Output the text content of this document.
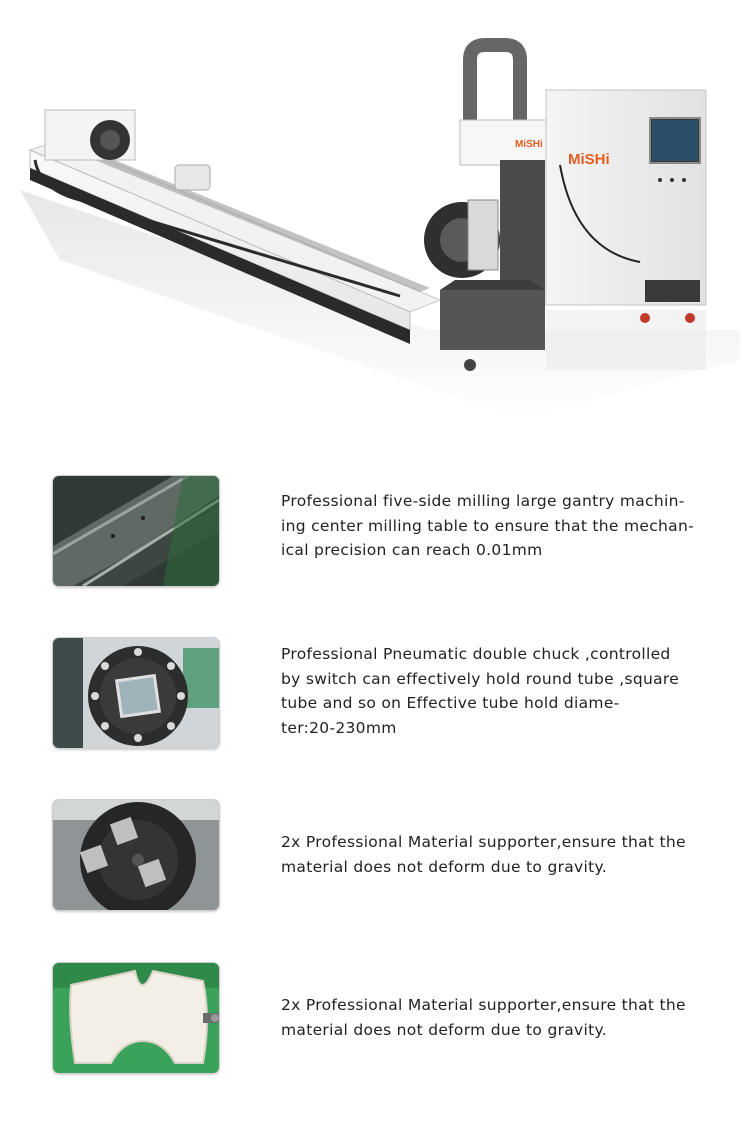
MiSHi
MiSHi
Professional five-side milling large gantry machin-
ing center milling table to ensure that the mechan-
ical precision can reach 0.01mm
Professional Pneumatic double chuck ,controlled
by switch can effectively hold round tube ,square
tube and so on Effective tube hold diame-
ter:20-230mm
2x Professional Material supporter,ensure that the
material does not deform due to gravity.
2x Professional Material supporter,ensure that the
material does not deform due to gravity.
